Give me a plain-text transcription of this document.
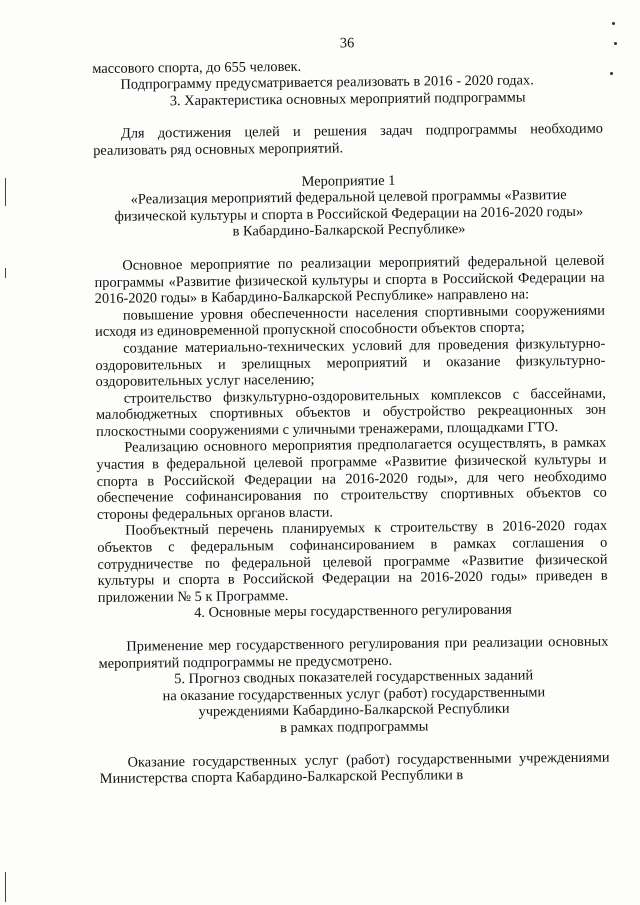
36

массового спорта, до 655 человек.

Подпрограмму предусматривается реализовать в 2016 - 2020 годах.

3. Характеристика основных мероприятий подпрограммы

Для достижения целей и решения задач подпрограммы необходимо реализовать ряд основных мероприятий.

Мероприятие 1
«Реализация мероприятий федеральной целевой программы «Развитие
физической культуры и спорта в Российской Федерации на 2016-2020 годы»
в Кабардино-Балкарской Республике»

Основное мероприятие по реализации мероприятий федеральной целевой программы «Развитие физической культуры и спорта в Российской Федерации на 2016-2020 годы» в Кабардино-Балкарской Республике» направлено на:

повышение уровня обеспеченности населения спортивными сооружениями исходя из единовременной пропускной способности объектов спорта;

создание материально-технических условий для проведения физкультурно-оздоровительных и зрелищных мероприятий и оказание физкультурно-оздоровительных услуг населению;

строительство физкультурно-оздоровительных комплексов с бассейнами, малобюджетных спортивных объектов и обустройство рекреационных зон плоскостными сооружениями с уличными тренажерами, площадками ГТО.

Реализацию основного мероприятия предполагается осуществлять, в рамках участия в федеральной целевой программе «Развитие физической культуры и спорта в Российской Федерации на 2016-2020 годы», для чего необходимо обеспечение софинансирования по строительству спортивных объектов со стороны федеральных органов власти.

Пообъектный перечень планируемых к строительству в 2016-2020 годах объектов с федеральным софинансированием в рамках соглашения о сотрудничестве по федеральной целевой программе «Развитие физической культуры и спорта в Российской Федерации на 2016-2020 годы» приведен в приложении № 5 к Программе.

4. Основные меры государственного регулирования

Применение мер государственного регулирования при реализации основных мероприятий подпрограммы не предусмотрено.

5. Прогноз сводных показателей государственных заданий
на оказание государственных услуг (работ) государственными
учреждениями Кабардино-Балкарской Республики
в рамках подпрограммы

Оказание государственных услуг (работ) государственными учреждениями Министерства спорта Кабардино-Балкарской Республики в
